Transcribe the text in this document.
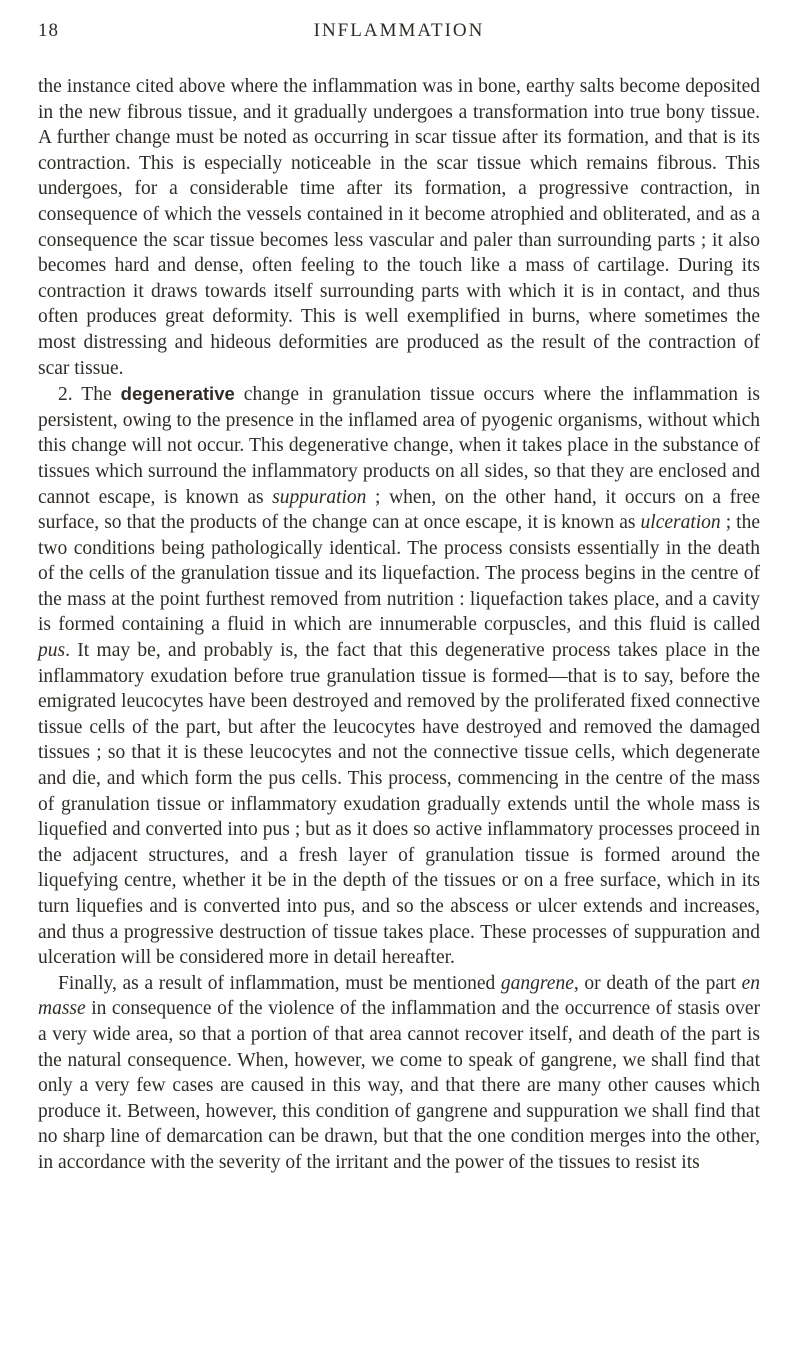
18	INFLAMMATION

the instance cited above where the inflammation was in bone, earthy salts become deposited in the new fibrous tissue, and it gradually undergoes a transformation into true bony tissue. A further change must be noted as occurring in scar tissue after its formation, and that is its contraction. This is especially noticeable in the scar tissue which remains fibrous. This undergoes, for a considerable time after its formation, a progressive contraction, in consequence of which the vessels contained in it become atrophied and obliterated, and as a consequence the scar tissue becomes less vascular and paler than surrounding parts ; it also becomes hard and dense, often feeling to the touch like a mass of cartilage. During its contraction it draws towards itself surrounding parts with which it is in contact, and thus often produces great deformity. This is well exemplified in burns, where sometimes the most distressing and hideous deformities are produced as the result of the contraction of scar tissue.

2. The degenerative change in granulation tissue occurs where the inflammation is persistent, owing to the presence in the inflamed area of pyogenic organisms, without which this change will not occur. This degenerative change, when it takes place in the substance of tissues which surround the inflammatory products on all sides, so that they are enclosed and cannot escape, is known as suppuration ; when, on the other hand, it occurs on a free surface, so that the products of the change can at once escape, it is known as ulceration ; the two conditions being pathologically identical. The process consists essentially in the death of the cells of the granulation tissue and its liquefaction. The process begins in the centre of the mass at the point furthest removed from nutrition : liquefaction takes place, and a cavity is formed containing a fluid in which are innumerable corpuscles, and this fluid is called pus. It may be, and probably is, the fact that this degenerative process takes place in the inflammatory exudation before true granulation tissue is formed—that is to say, before the emigrated leucocytes have been destroyed and removed by the proliferated fixed connective tissue cells of the part, but after the leucocytes have destroyed and removed the damaged tissues ; so that it is these leucocytes and not the connective tissue cells, which degenerate and die, and which form the pus cells. This process, commencing in the centre of the mass of granulation tissue or inflammatory exudation gradually extends until the whole mass is liquefied and converted into pus ; but as it does so active inflammatory processes proceed in the adjacent structures, and a fresh layer of granulation tissue is formed around the liquefying centre, whether it be in the depth of the tissues or on a free surface, which in its turn liquefies and is converted into pus, and so the abscess or ulcer extends and increases, and thus a progressive destruction of tissue takes place. These processes of suppuration and ulceration will be considered more in detail hereafter.

Finally, as a result of inflammation, must be mentioned gangrene, or death of the part en masse in consequence of the violence of the inflammation and the occurrence of stasis over a very wide area, so that a portion of that area cannot recover itself, and death of the part is the natural consequence. When, however, we come to speak of gangrene, we shall find that only a very few cases are caused in this way, and that there are many other causes which produce it. Between, however, this condition of gangrene and suppuration we shall find that no sharp line of demarcation can be drawn, but that the one condition merges into the other, in accordance with the severity of the irritant and the power of the tissues to resist its
